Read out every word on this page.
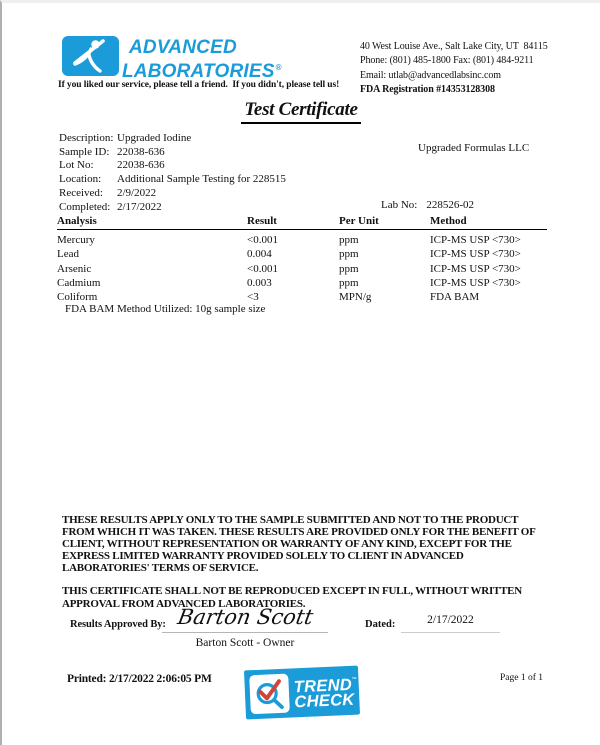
ADVANCED
LABORATORIES®
If you liked our service, please tell a friend.  If you didn't, please tell us!
40 West Louise Ave., Salt Lake City, UT  84115
Phone: (801) 485-1800 Fax: (801) 484-9211
Email: utlab@advancedlabsinc.com
FDA Registration #14353128308
Test Certificate
Description: Upgraded Iodine
Sample ID: 22038-636
Lot No:	22038-636
Location:	Additional Sample Testing for 228515
Received:	2/9/2022
Completed: 2/17/2022
Upgraded Formulas LLC
Lab No: 228526-02
Analysis	Result	Per Unit	Method
Mercury	<0.001	ppm	ICP-MS USP <730>
Lead	0.004	ppm	ICP-MS USP <730>
Arsenic	<0.001	ppm	ICP-MS USP <730>
Cadmium	0.003	ppm	ICP-MS USP <730>
Coliform	<3	MPN/g	FDA BAM
FDA BAM Method Utilized: 10g sample size

THESE RESULTS APPLY ONLY TO THE SAMPLE SUBMITTED AND NOT TO THE PRODUCT FROM WHICH IT WAS TAKEN. THESE RESULTS ARE PROVIDED ONLY FOR THE BENEFIT OF CLIENT, WITHOUT REPRESENTATION OR WARRANTY OF ANY KIND, EXCEPT FOR THE EXPRESS LIMITED WARRANTY PROVIDED SOLELY TO CLIENT IN ADVANCED LABORATORIES' TERMS OF SERVICE.

THIS CERTIFICATE SHALL NOT BE REPRODUCED EXCEPT IN FULL, WITHOUT WRITTEN APPROVAL FROM ADVANCED LABORATORIES.

Results Approved By: Barton Scott
Barton Scott - Owner
Dated:	2/17/2022
Printed: 2/17/2022 2:06:05 PM	TREND™
CHECK
Page 1 of 1
